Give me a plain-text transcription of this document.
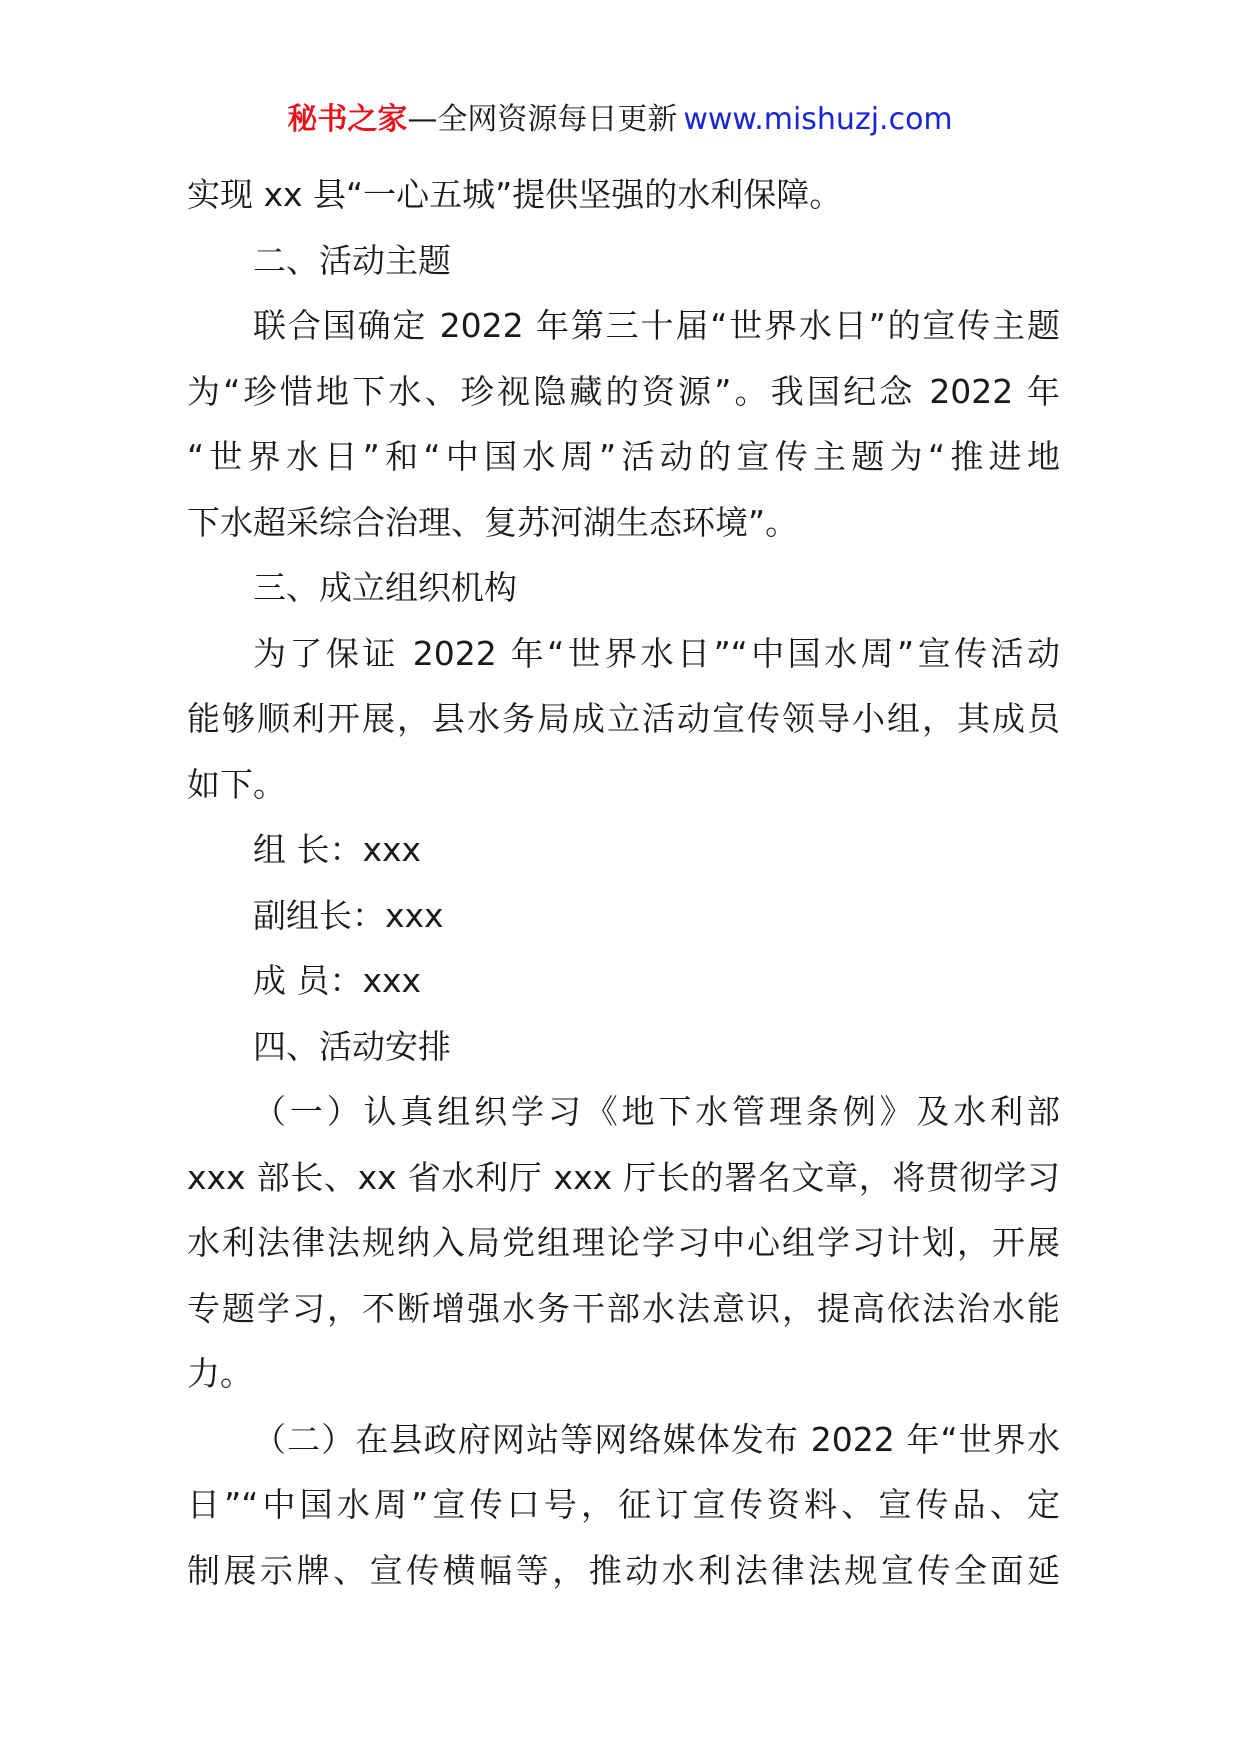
秘书之家—全网资源每日更新 www.mishuzj.com
实现 xx 县“一心五城”提供坚强的水利保障。
二、活动主题
联合国确定 2022 年第三十届“世界水日”的宣传主题
为“珍惜地下水、珍视隐藏的资源”。我国纪念 2022 年
“世界水日”和“中国水周”活动的宣传主题为“推进地
下水超采综合治理、复苏河湖生态环境”。
三、成立组织机构
为了保证 2022 年“世界水日”“中国水周”宣传活动
能够顺利开展，县水务局成立活动宣传领导小组，其成员
如下。
组 长：xxx
副组长：xxx
成 员：xxx
四、活动安排
（一）认真组织学习《地下水管理条例》及水利部
xxx 部长、xx 省水利厅 xxx 厅长的署名文章，将贯彻学习
水利法律法规纳入局党组理论学习中心组学习计划，开展
专题学习，不断增强水务干部水法意识，提高依法治水能
力。
（二）在县政府网站等网络媒体发布 2022 年“世界水
日”“中国水周”宣传口号，征订宣传资料、宣传品、定
制展示牌、宣传横幅等，推动水利法律法规宣传全面延
